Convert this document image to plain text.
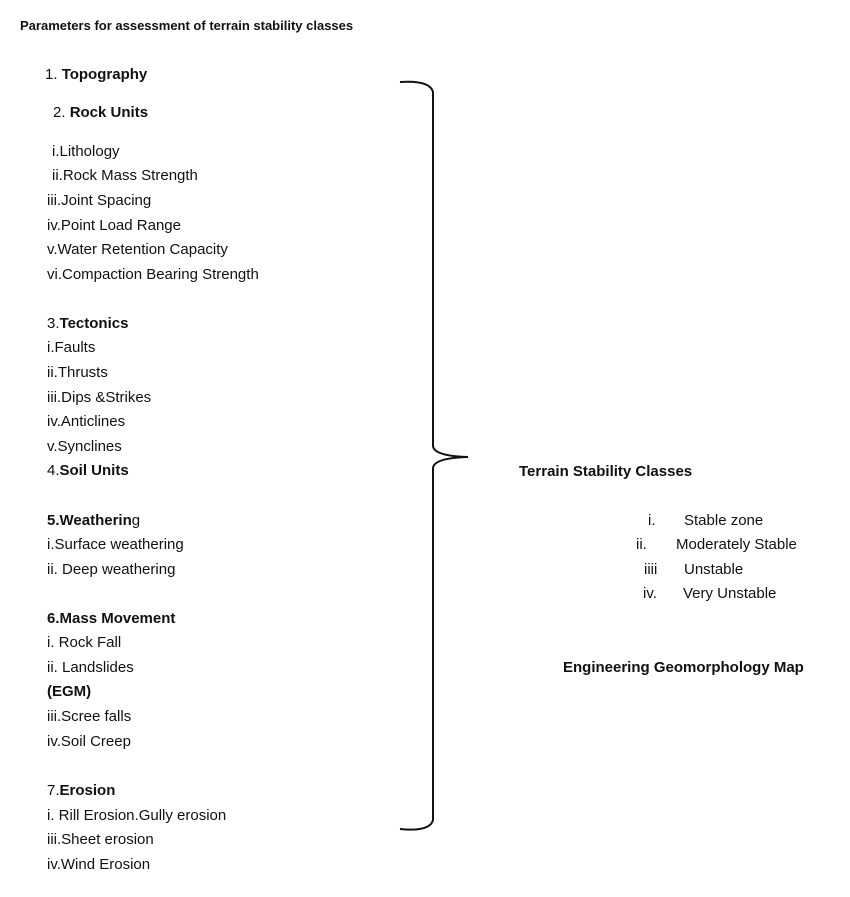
Parameters for assessment of terrain stability classes
1. Topography
2. Rock Units
i.Lithology
ii.Rock Mass Strength
iii.Joint Spacing
iv.Point Load Range
v.Water Retention Capacity
vi.Compaction Bearing Strength
3.Tectonics
i.Faults
ii.Thrusts
iii.Dips &Strikes
iv.Anticlines
v.Synclines
4.Soil Units
5.Weathering
i.Surface weathering
ii. Deep weathering
6.Mass Movement
i. Rock Fall
ii. Landslides
(EGM)
iii.Scree falls
iv.Soil Creep
7.Erosion
i. Rill Erosion.Gully erosion
iii.Sheet erosion
iv.Wind Erosion
Terrain Stability Classes
i. Stable zone
ii. Moderately Stable
iiii Unstable
iv. Very Unstable
Engineering Geomorphology Map
